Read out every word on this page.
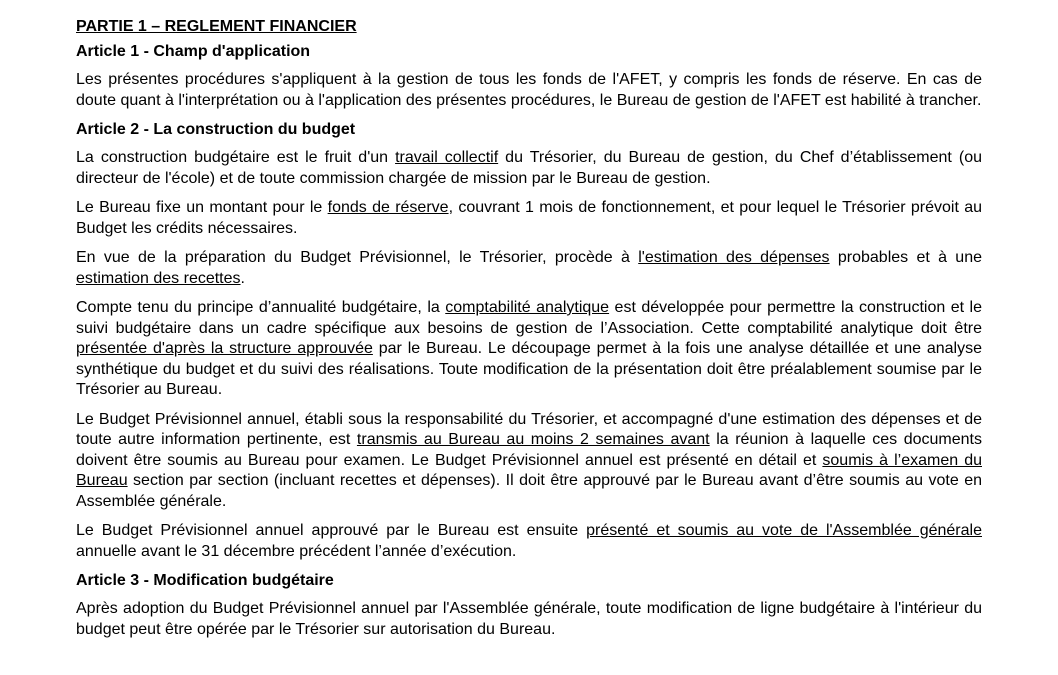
PARTIE 1 – REGLEMENT FINANCIER
Article 1 - Champ d'application

Les présentes procédures s'appliquent à la gestion de tous les fonds de l'AFET, y compris les fonds de réserve. En cas de doute quant à l'interprétation ou à l'application des présentes procédures, le Bureau de gestion de l'AFET est habilité à trancher.

Article 2 - La construction du budget

La construction budgétaire est le fruit d'un travail collectif du Trésorier, du Bureau de gestion, du Chef d’établissement (ou directeur de l'école) et de toute commission chargée de mission par le Bureau de gestion.

Le Bureau fixe un montant pour le fonds de réserve, couvrant 1 mois de fonctionnement, et pour lequel le Trésorier prévoit au Budget les crédits nécessaires.

En vue de la préparation du Budget Prévisionnel, le Trésorier, procède à l'estimation des dépenses probables et à une estimation des recettes.

Compte tenu du principe d’annualité budgétaire, la comptabilité analytique est développée pour permettre la construction et le suivi budgétaire dans un cadre spécifique aux besoins de gestion de l’Association. Cette comptabilité analytique doit être présentée d'après la structure approuvée par le Bureau. Le découpage permet à la fois une analyse détaillée et une analyse synthétique du budget et du suivi des réalisations. Toute modification de la présentation doit être préalablement soumise par le Trésorier au Bureau.

Le Budget Prévisionnel annuel, établi sous la responsabilité du Trésorier, et accompagné d'une estimation des dépenses et de toute autre information pertinente, est transmis au Bureau au moins 2 semaines avant la réunion à laquelle ces documents doivent être soumis au Bureau pour examen. Le Budget Prévisionnel annuel est présenté en détail et soumis à l’examen du Bureau section par section (incluant recettes et dépenses). Il doit être approuvé par le Bureau avant d’être soumis au vote en Assemblée générale.

Le Budget Prévisionnel annuel approuvé par le Bureau est ensuite présenté et soumis au vote de l'Assemblée générale annuelle avant le 31 décembre précédent l’année d’exécution.

Article 3 - Modification budgétaire

Après adoption du Budget Prévisionnel annuel par l'Assemblée générale, toute modification de ligne budgétaire à l'intérieur du budget peut être opérée par le Trésorier sur autorisation du Bureau.
